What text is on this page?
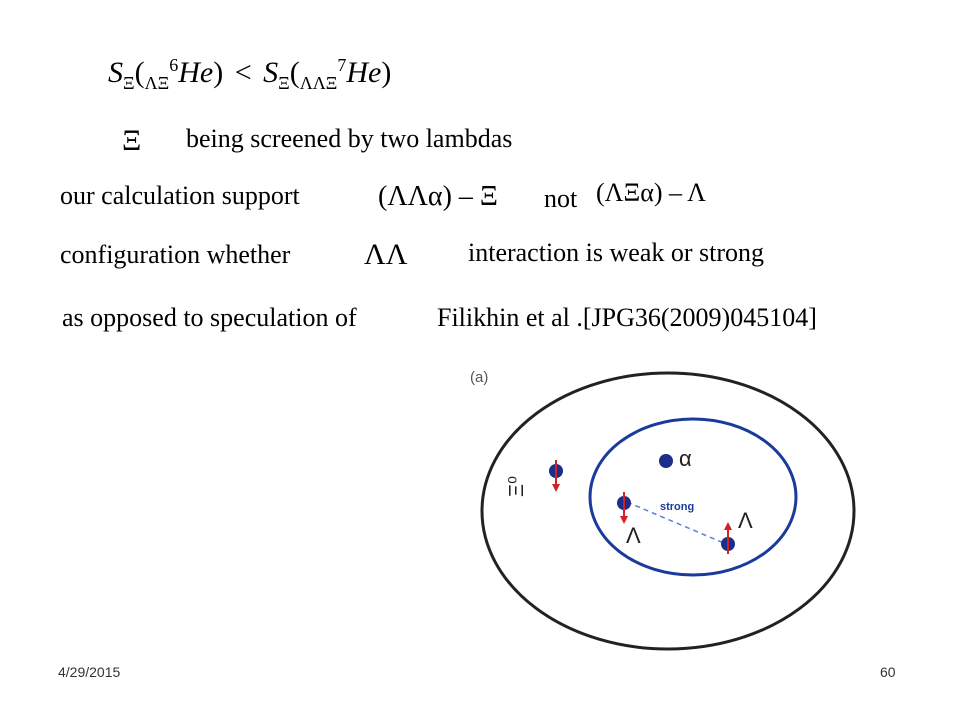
$S_\Xi(_{\Lambda\Xi}^6He) < S_\Xi(_{\Lambda\Lambda\Xi}^7He)$
Ξ being screened by two lambdas
our calculation support	(ΛΛα) – Ξ not (ΛΞα) – Λ
configuration whether ΛΛ interaction is weak or strong
as opposed to speculation of	Filikhin et al .[JPG36(2009)045104]
(a)
strong
Ξ⁰
α
Λ
Λ
4/29/2015	60
